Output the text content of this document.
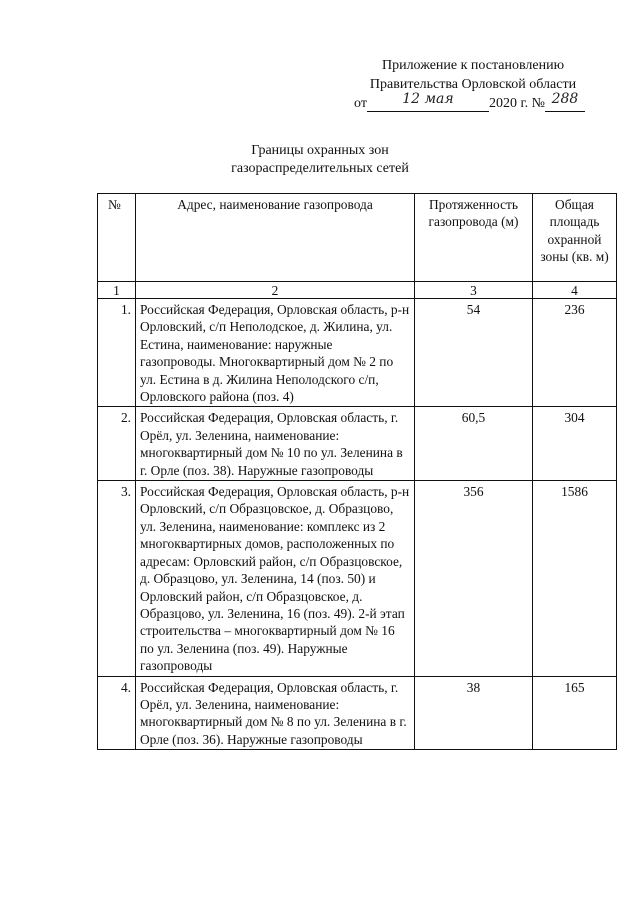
Приложение к постановлению
Правительства Орловской области
от	12 мая	2020 г. № 288
Границы охранных зон
газораспределительных сетей
№	Адрес, наименование газопровода	Протяженность газопровода (м)	Общая площадь охранной зоны (кв. м)
1	2	3	4
1.	Российская Федерация, Орловская область, р-н Орловский, с/п Неполодское, д. Жилина, ул. Естина, наименование: наружные газопроводы. Многоквартирный дом № 2 по ул. Естина в д. Жилина Неполодского с/п, Орловского района (поз. 4)	54	236
2.	Российская Федерация, Орловская область, г. Орёл, ул. Зеленина, наименование: многоквартирный дом № 10 по ул. Зеленина в г. Орле (поз. 38). Наружные газопроводы	60,5	304
3.	Российская Федерация, Орловская область, р-н Орловский, с/п Образцовское, д. Образцово, ул. Зеленина, наименование: комплекс из 2 многоквартирных домов, расположенных по адресам: Орловский район, с/п Образцовское, д. Образцово, ул. Зеленина, 14 (поз. 50) и Орловский район, с/п Образцовское, д. Образцово, ул. Зеленина, 16 (поз. 49). 2-й этап строительства – многоквартирный дом № 16 по ул. Зеленина (поз. 49). Наружные газопроводы	356	1586
4.	Российская Федерация, Орловская область, г. Орёл, ул. Зеленина, наименование: многоквартирный дом № 8 по ул. Зеленина в г. Орле (поз. 36). Наружные газопроводы	38	165
